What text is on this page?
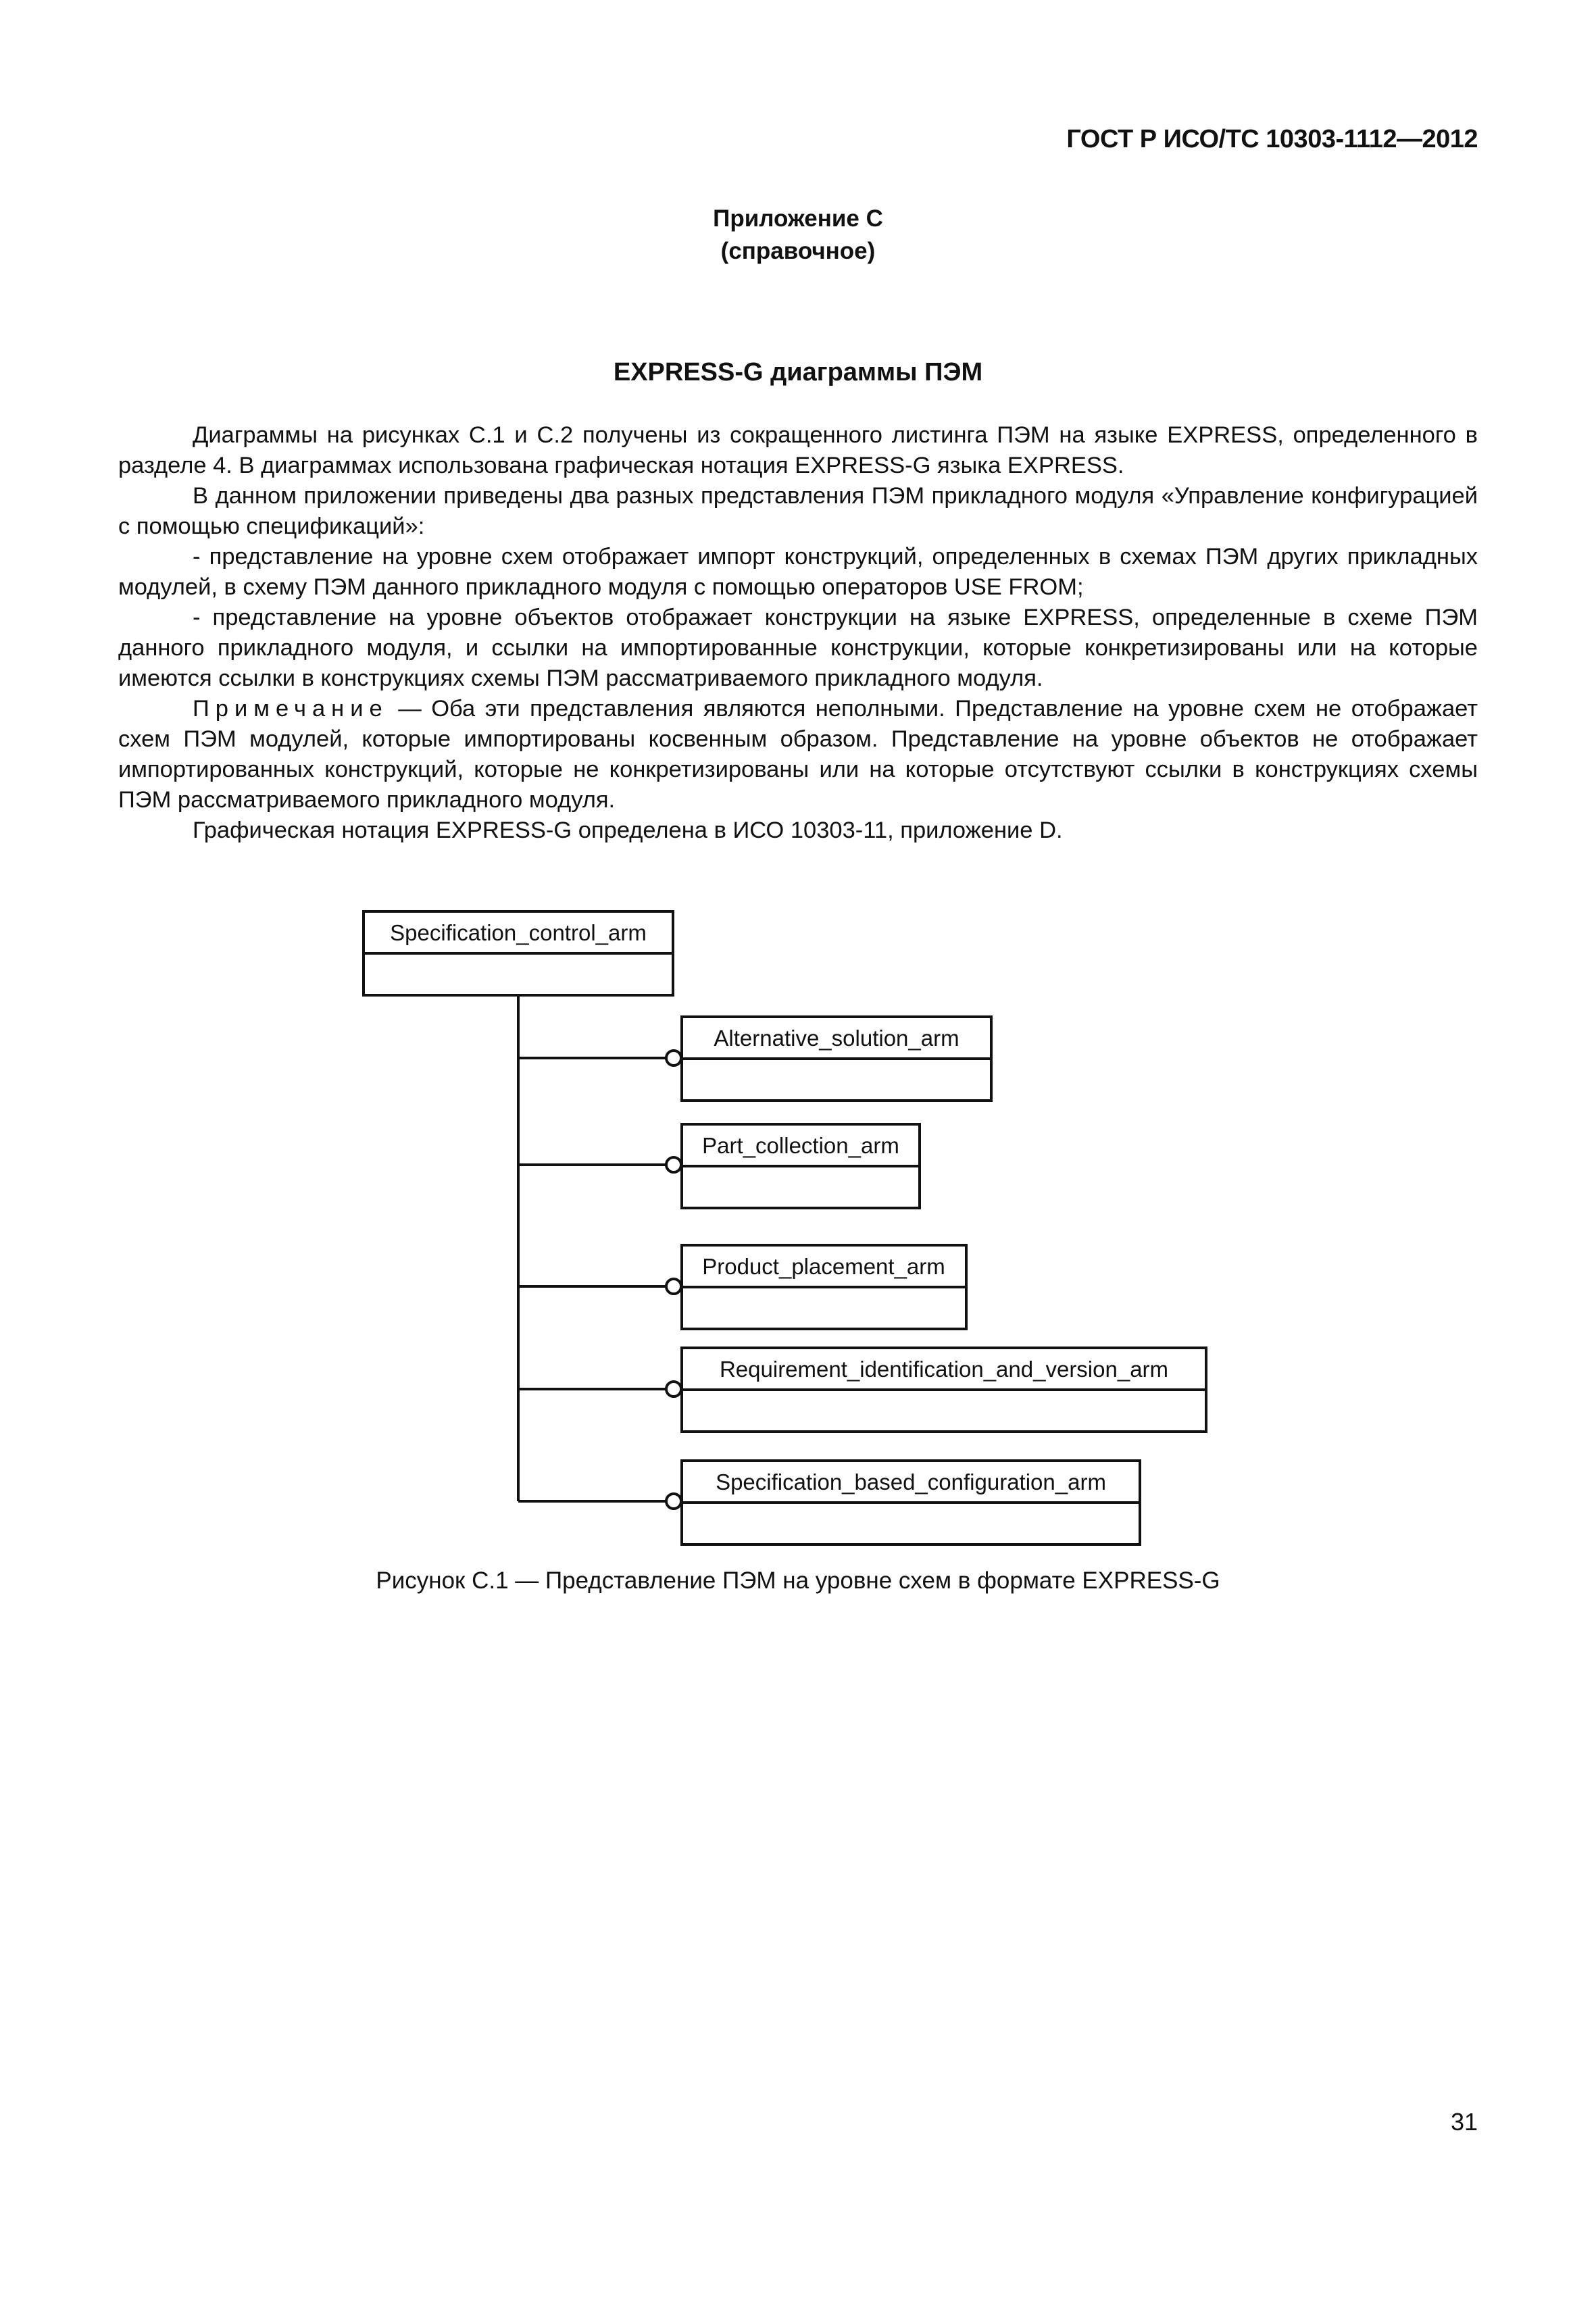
ГОСТ Р ИСО/ТС 10303-1112—2012
Приложение С
(справочное)
EXPRESS-G диаграммы ПЭМ

Диаграммы на рисунках С.1 и С.2 получены из сокращенного листинга ПЭМ на языке EXPRESS, определенного в разделе 4. В диаграммах использована графическая нотация EXPRESS-G языка EXPRESS.

В данном приложении приведены два разных представления ПЭМ прикладного модуля «Управление конфигурацией с помощью спецификаций»:

- представление на уровне схем отображает импорт конструкций, определенных в схемах ПЭМ других прикладных модулей, в схему ПЭМ данного прикладного модуля с помощью операторов USE FROM;

- представление на уровне объектов отображает конструкции на языке EXPRESS, определенные в схеме ПЭМ данного прикладного модуля, и ссылки на импортированные конструкции, которые конкретизированы или на которые имеются ссылки в конструкциях схемы ПЭМ рассматриваемого прикладного модуля.

Примечание — Оба эти представления являются неполными. Представление на уровне схем не отображает схем ПЭМ модулей, которые импортированы косвенным образом. Представление на уровне объектов не отображает импортированных конструкций, которые не конкретизированы или на которые отсутствуют ссылки в конструкциях схемы ПЭМ рассматриваемого прикладного модуля.

Графическая нотация EXPRESS-G определена в ИСО 10303-11, приложение D.

Specification_control_arm
Alternative_solution_arm
Part_collection_arm
Product_placement_arm
Requirement_identification_and_version_arm
Specification_based_configuration_arm
Рисунок С.1 — Представление ПЭМ на уровне схем в формате EXPRESS-G
31
